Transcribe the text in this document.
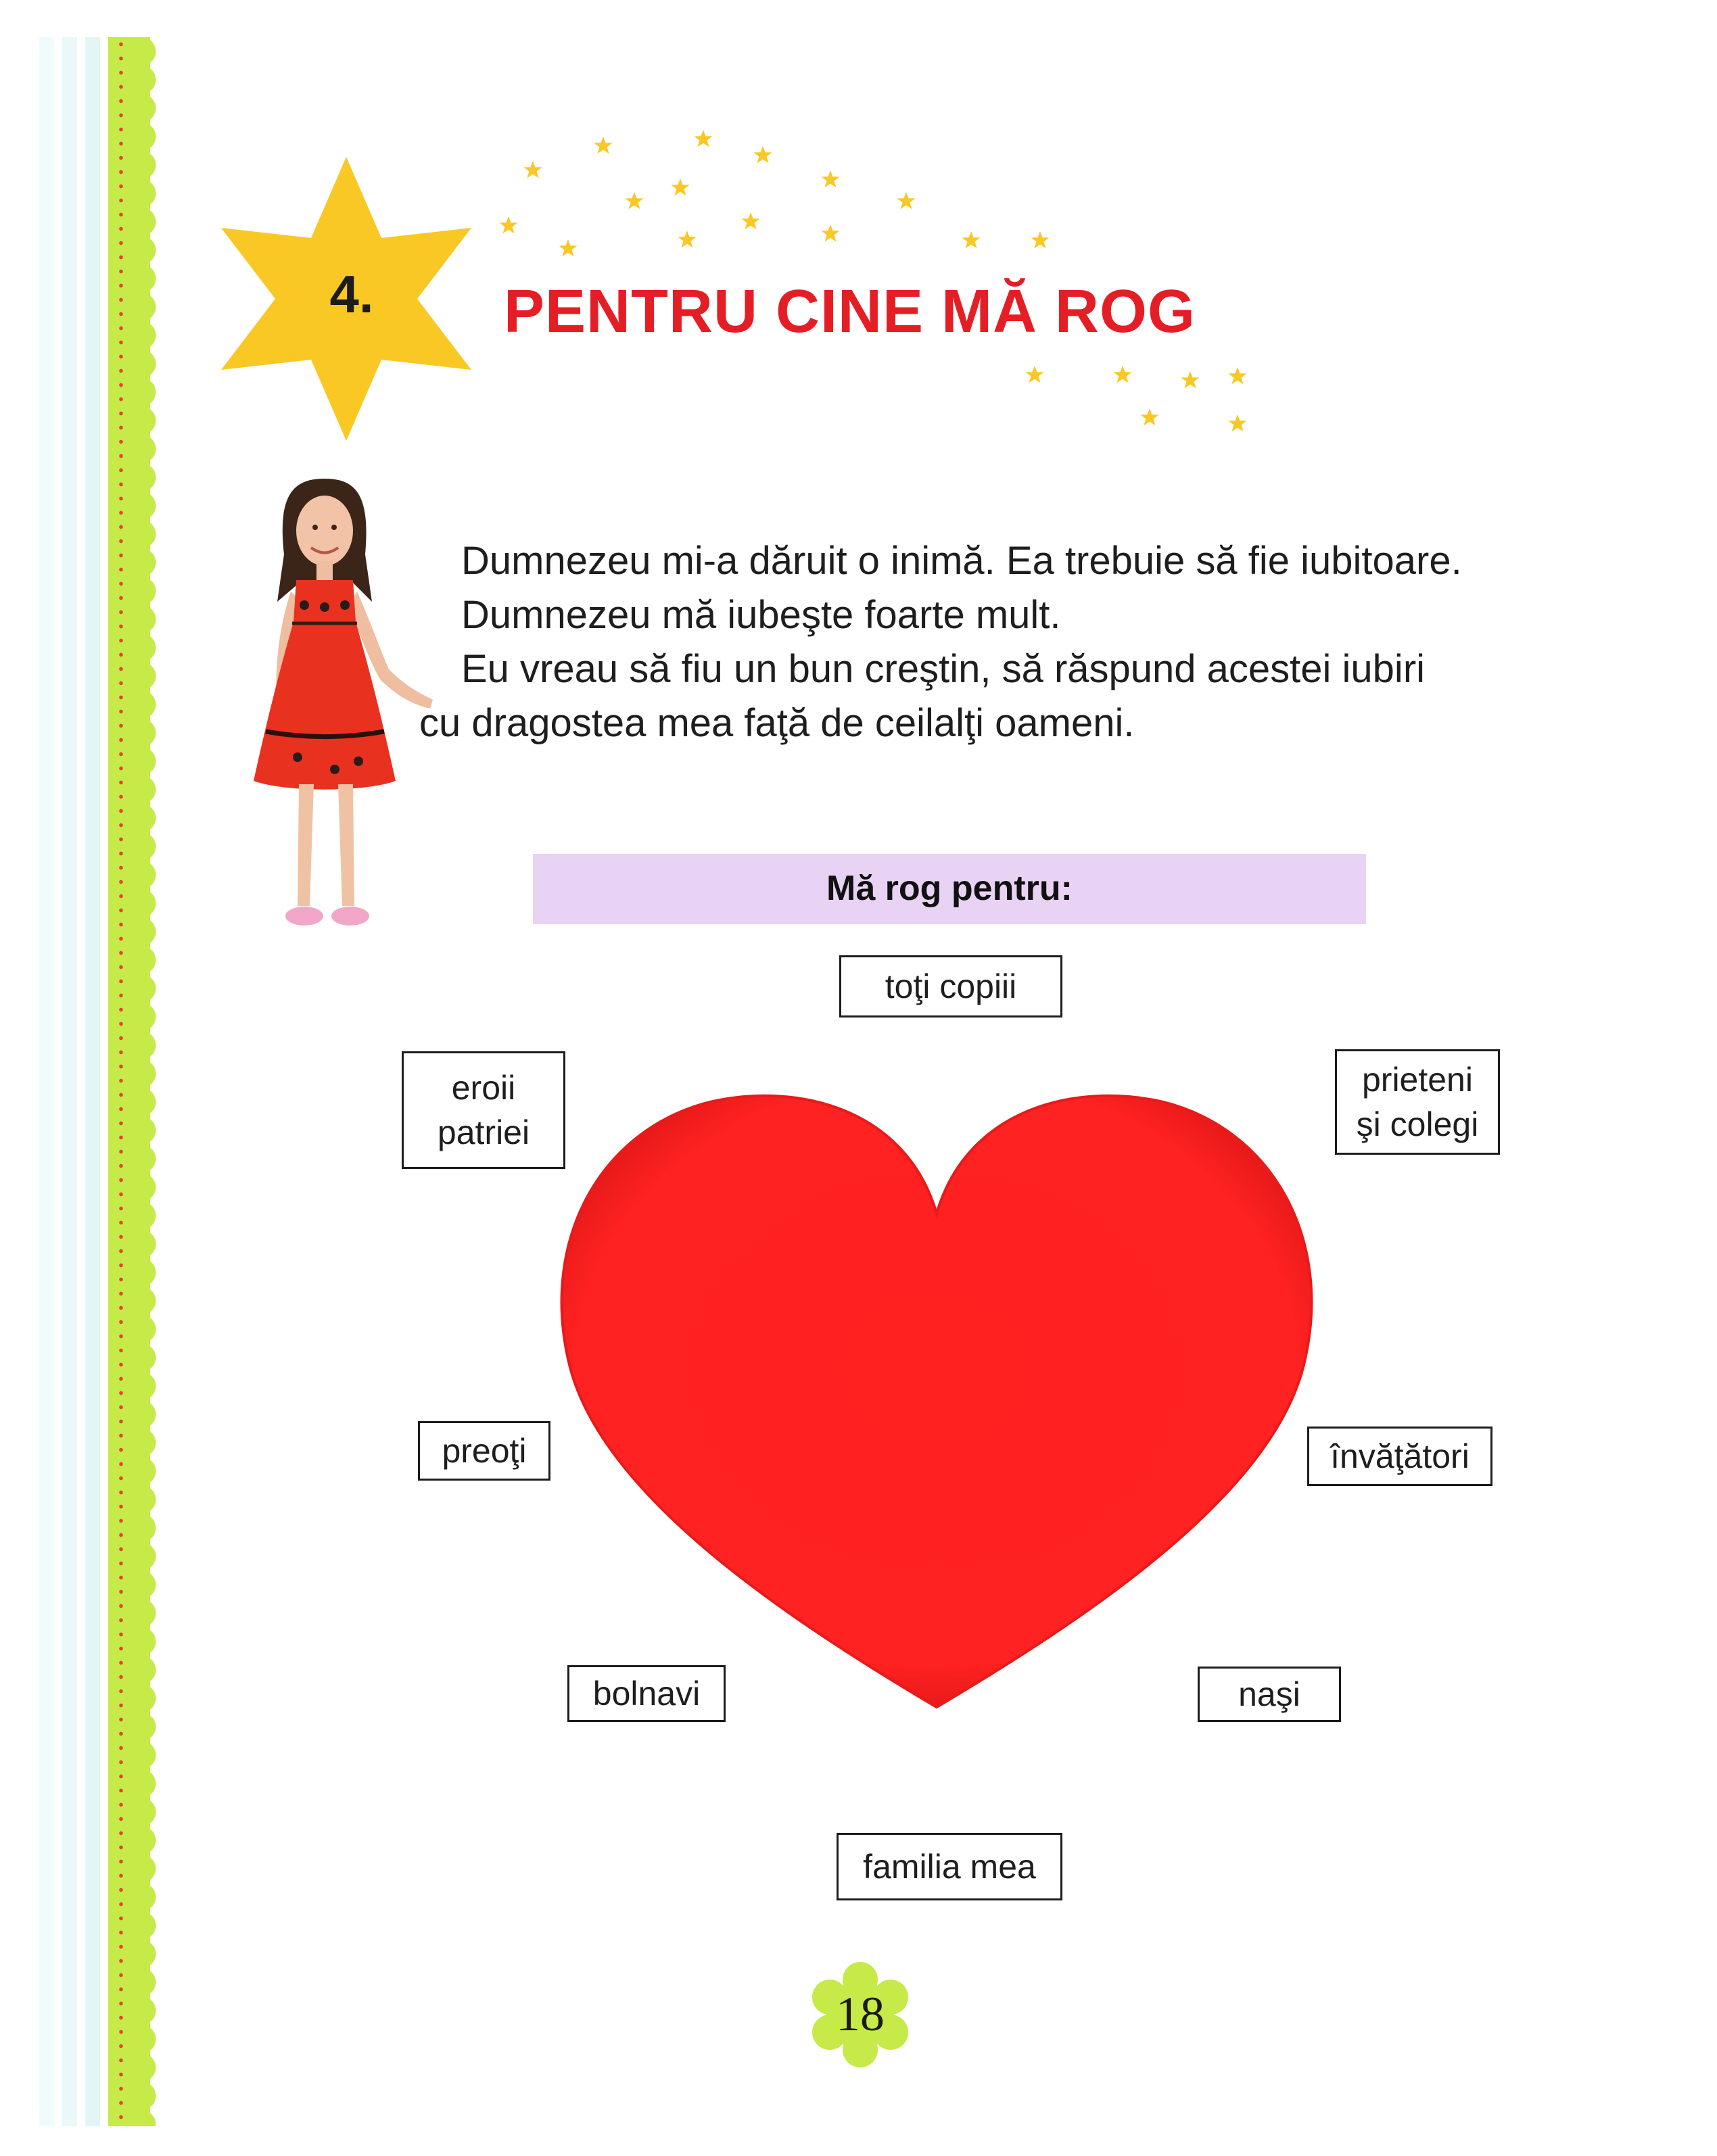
4.	PENTRU CINE MĂ ROG
Dumnezeu mi-a dăruit o inimă. Ea trebuie să fie iubitoare.
Dumnezeu mă iubeşte foarte mult.
Eu vreau să fiu un bun creştin, să răspund acestei iubiri
cu dragostea mea faţă de ceilalţi oameni.
Mă rog pentru:
toţi copiii
eroii
patriei
prieteni
şi colegi
preoţi	învăţători
bolnavi	naşi
familia mea
18
